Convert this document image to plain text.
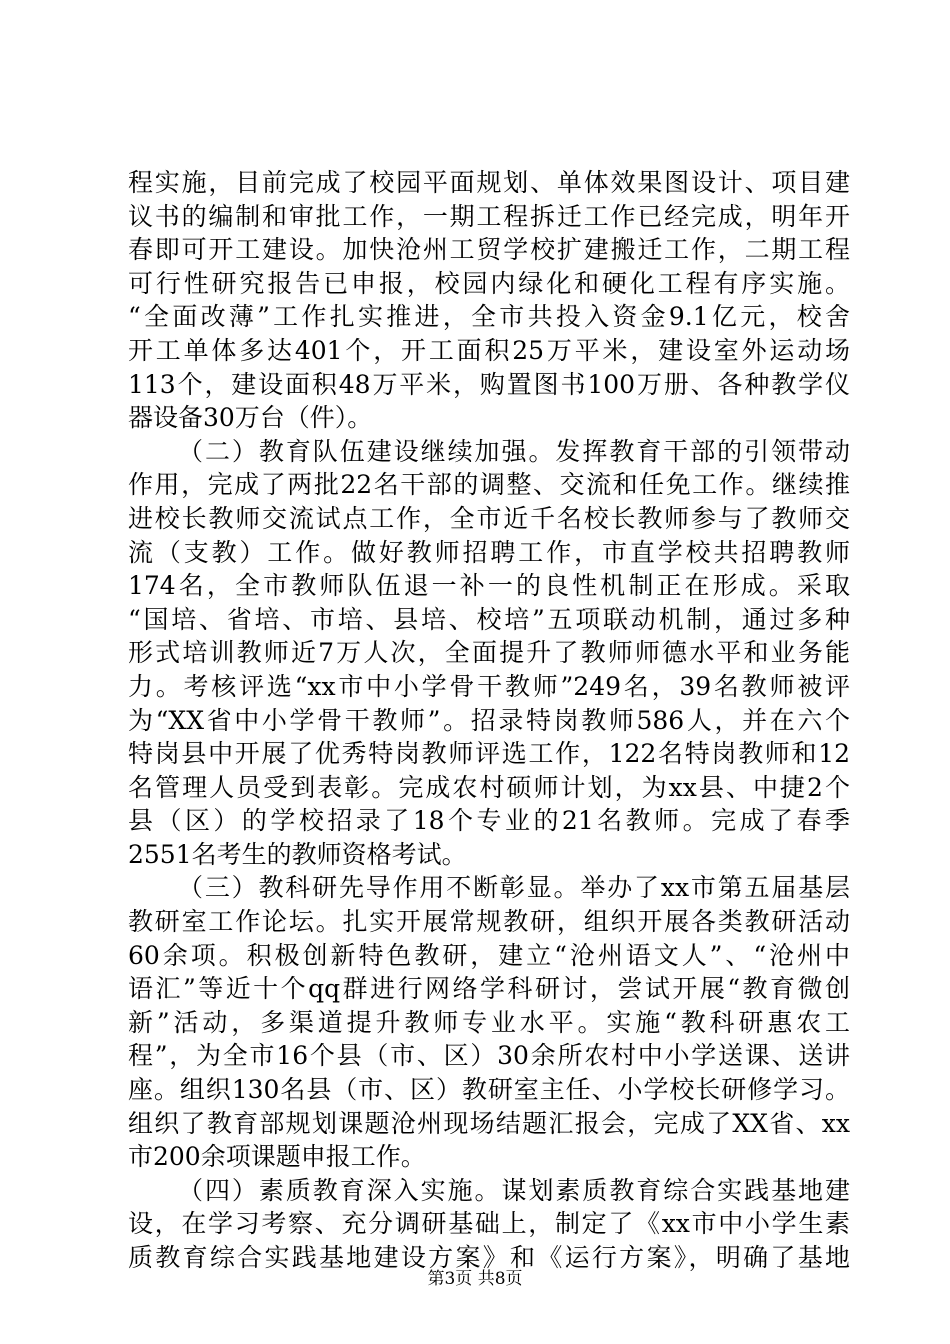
程实施，目前完成了校园平面规划、单体效果图设计、项目建
议书的编制和审批工作，一期工程拆迁工作已经完成，明年开
春即可开工建设。加快沧州工贸学校扩建搬迁工作，二期工程
可行性研究报告已申报，校园内绿化和硬化工程有序实施。
“全面改薄”工作扎实推进，全市共投入资金9.1亿元，校舍
开工单体多达401个，开工面积25万平米，建设室外运动场
113个，建设面积48万平米，购置图书100万册、各种教学仪
器设备30万台（件）。
（二）教育队伍建设继续加强。发挥教育干部的引领带动
作用，完成了两批22名干部的调整、交流和任免工作。继续推
进校长教师交流试点工作，全市近千名校长教师参与了教师交
流（支教）工作。做好教师招聘工作，市直学校共招聘教师
174名，全市教师队伍退一补一的良性机制正在形成。采取
“国培、省培、市培、县培、校培”五项联动机制，通过多种
形式培训教师近7万人次，全面提升了教师师德水平和业务能
力。考核评选“xx市中小学骨干教师”249名，39名教师被评
为“XX省中小学骨干教师”。招录特岗教师586人，并在六个
特岗县中开展了优秀特岗教师评选工作，122名特岗教师和12
名管理人员受到表彰。完成农村硕师计划，为xx县、中捷2个
县（区）的学校招录了18个专业的21名教师。完成了春季
2551名考生的教师资格考试。
（三）教科研先导作用不断彰显。举办了xx市第五届基层
教研室工作论坛。扎实开展常规教研，组织开展各类教研活动
60余项。积极创新特色教研，建立“沧州语文人”、“沧州中
语汇”等近十个qq群进行网络学科研讨，尝试开展“教育微创
新”活动，多渠道提升教师专业水平。实施“教科研惠农工
程”，为全市16个县（市、区）30余所农村中小学送课、送讲
座。组织130名县（市、区）教研室主任、小学校长研修学习。
组织了教育部规划课题沧州现场结题汇报会，完成了XX省、xx
市200余项课题申报工作。
（四）素质教育深入实施。谋划素质教育综合实践基地建
设，在学习考察、充分调研基础上，制定了《xx市中小学生素
质教育综合实践基地建设方案》和《运行方案》，明确了基地
第3页 共8页
